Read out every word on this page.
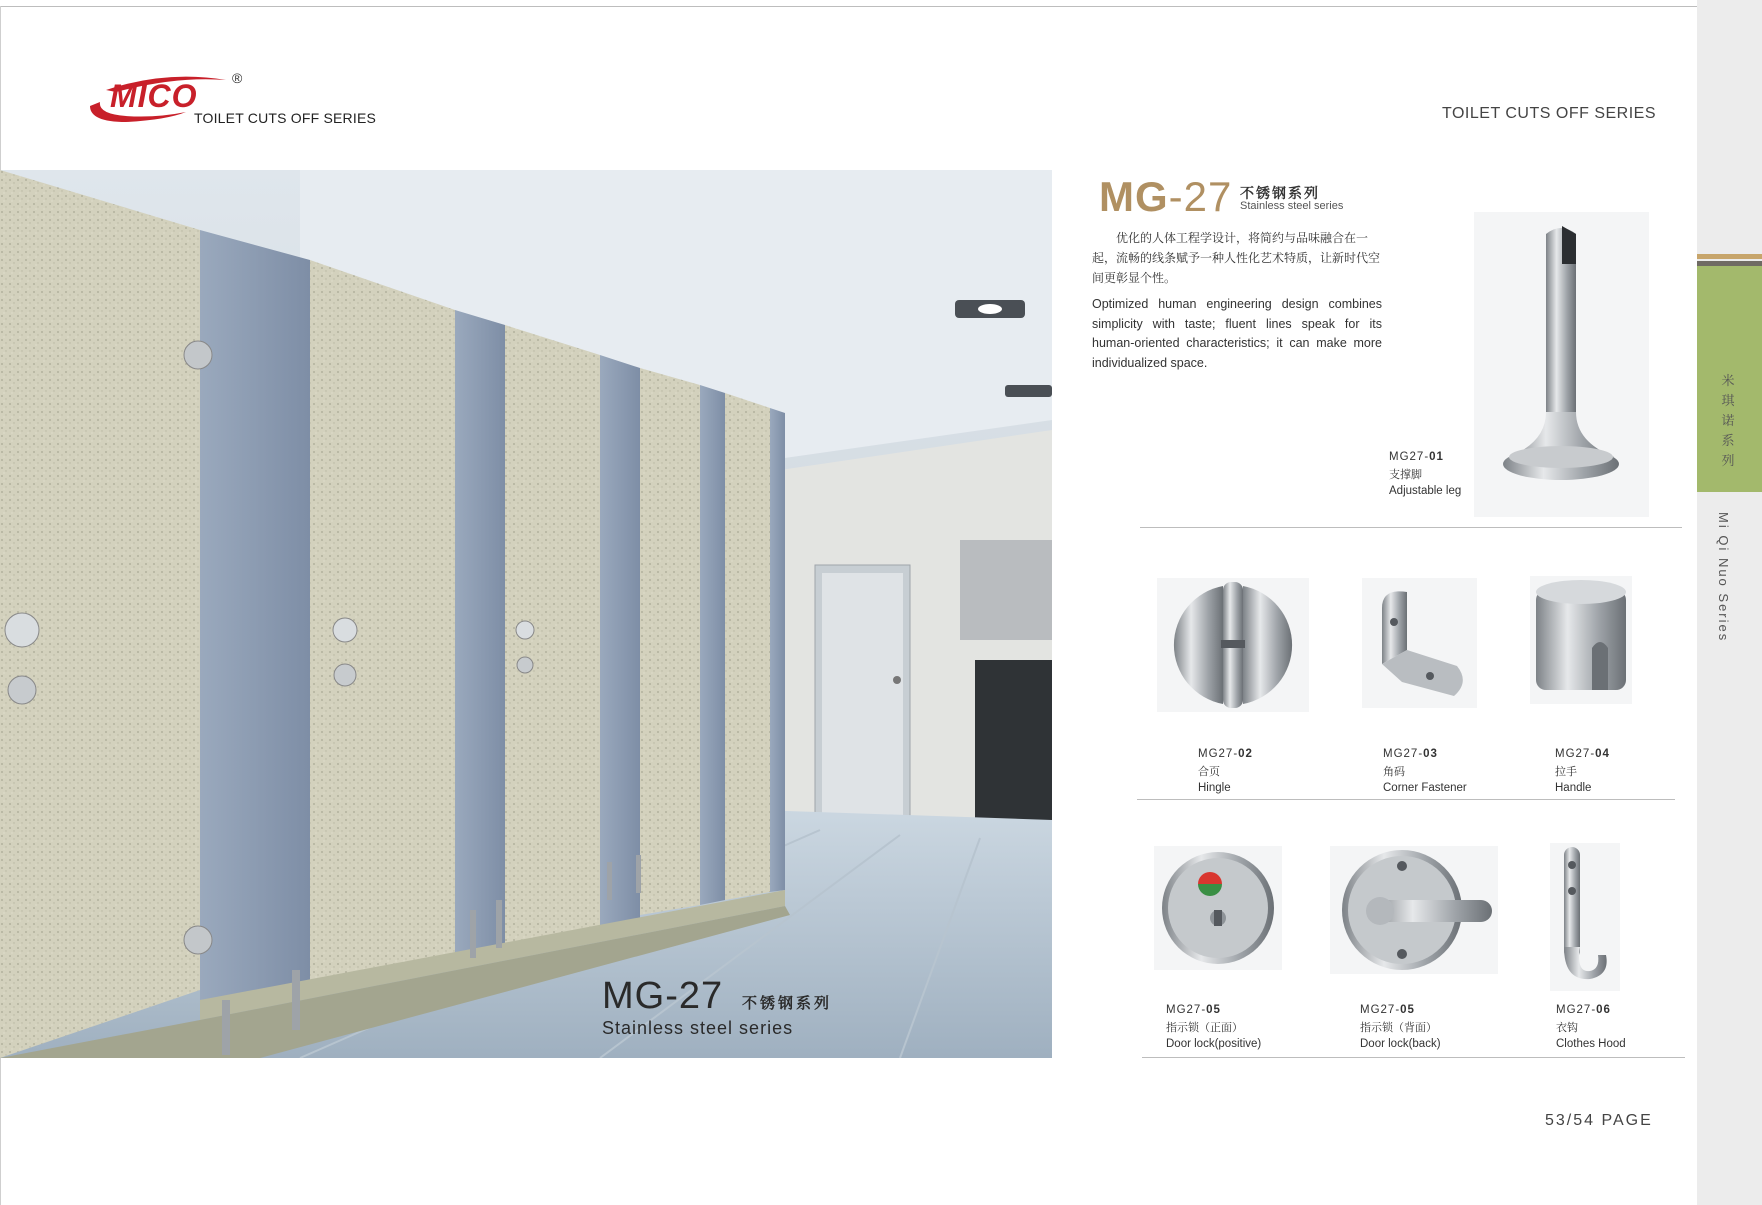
米
琪
诺
系
列
Mi Qi Nuo Series
MICO ®
TOILET CUTS OFF SERIES	TOILET CUTS OFF SERIES
MG-27 不锈钢系列
Stainless steel series
MG-27 不锈钢系列
Stainless steel series
优化的人体工程学设计，将简约与品味融合在一起，流畅的线条赋予一种人性化艺术特质，让新时代空间更彰显个性。
Optimized human engineering design combines simplicity with taste; fluent lines speak for its human-oriented characteristics; it can make more individualized space.
MG27-01
支撑脚
Adjustable leg
MG27-02
合页
Hingle
MG27-03
角码
Corner Fastener
MG27-04
拉手
Handle
MG27-05
指示锁（正面）
Door lock(positive)
MG27-05
指示锁（背面）
Door lock(back)
MG27-06
衣钩
Clothes Hood
53/54 PAGE
